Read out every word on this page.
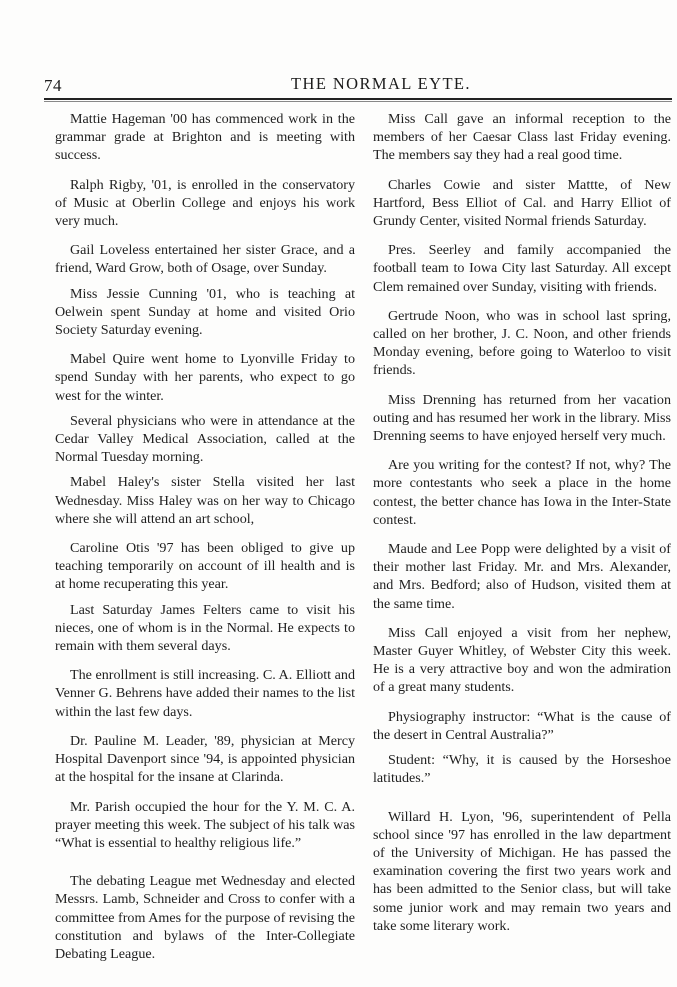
74	THE NORMAL EYTE.

Mattie Hageman '00 has commenced work in the grammar grade at Brighton and is meeting with success.

Ralph Rigby, '01, is enrolled in the conservatory of Music at Oberlin College and enjoys his work very much.

Gail Loveless entertained her sister Grace, and a friend, Ward Grow, both of Osage, over Sunday.

Miss Jessie Cunning '01, who is teaching at Oelwein spent Sunday at home and visited Orio Society Saturday evening.

Mabel Quire went home to Lyonville Friday to spend Sunday with her parents, who expect to go west for the winter.

Several physicians who were in attendance at the Cedar Valley Medical Association, called at the Normal Tuesday morning.

Mabel Haley's sister Stella visited her last Wednesday. Miss Haley was on her way to Chicago where she will attend an art school,

Caroline Otis '97 has been obliged to give up teaching temporarily on account of ill health and is at home recuperating this year.

Last Saturday James Felters came to visit his nieces, one of whom is in the Normal. He expects to remain with them several days.

The enrollment is still increasing. C. A. Elliott and Venner G. Behrens have added their names to the list within the last few days.

Dr. Pauline M. Leader, '89, physician at Mercy Hospital Davenport since '94, is appointed physician at the hospital for the insane at Clarinda.

Mr. Parish occupied the hour for the Y. M. C. A. prayer meeting this week. The subject of his talk was “What is essential to healthy religious life.”

The debating League met Wednesday and elected Messrs. Lamb, Schneider and Cross to confer with a committee from Ames for the purpose of revising the constitution and bylaws of the Inter-Collegiate Debating League.

Miss Call gave an informal reception to the members of her Caesar Class last Friday evening. The members say they had a real good time.

Charles Cowie and sister Mattte, of New Hartford, Bess Elliot of Cal. and Harry Elliot of Grundy Center, visited Normal friends Saturday.

Pres. Seerley and family accompanied the football team to Iowa City last Saturday. All except Clem remained over Sunday, visiting with friends.

Gertrude Noon, who was in school last spring, called on her brother, J. C. Noon, and other friends Monday evening, before going to Waterloo to visit friends.

Miss Drenning has returned from her vacation outing and has resumed her work in the library. Miss Drenning seems to have enjoyed herself very much.

Are you writing for the contest? If not, why? The more contestants who seek a place in the home contest, the better chance has Iowa in the Inter-State contest.

Maude and Lee Popp were delighted by a visit of their mother last Friday. Mr. and Mrs. Alexander, and Mrs. Bedford; also of Hudson, visited them at the same time.

Miss Call enjoyed a visit from her nephew, Master Guyer Whitley, of Webster City this week. He is a very attractive boy and won the admiration of a great many students.

Physiography instructor: “What is the cause of the desert in Central Australia?”

Student: “Why, it is caused by the Horseshoe latitudes.”

Willard H. Lyon, '96, superintendent of Pella school since '97 has enrolled in the law department of the University of Michigan. He has passed the examination covering the first two years work and has been admitted to the Senior class, but will take some junior work and may remain two years and take some literary work.
